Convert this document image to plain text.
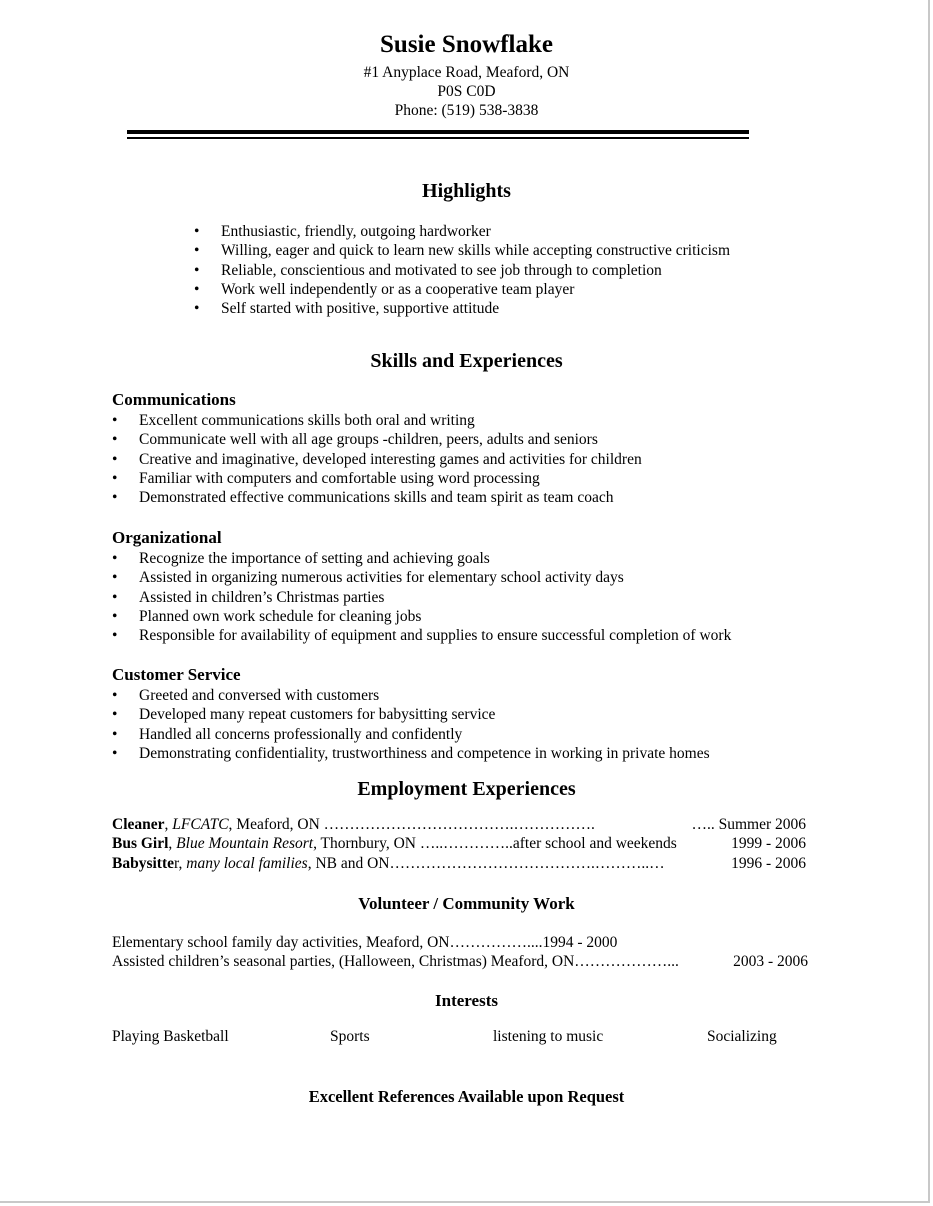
Susie Snowflake
#1 Anyplace Road, Meaford, ON
P0S C0D
Phone: (519) 538-3838
Highlights
• Enthusiastic, friendly, outgoing hardworker
• Willing, eager and quick to learn new skills while accepting constructive criticism
• Reliable, conscientious and motivated to see job through to completion
• Work well independently or as a cooperative team player
• Self started with positive, supportive attitude
Skills and Experiences
Communications
• Excellent communications skills both oral and writing
• Communicate well with all age groups -children, peers, adults and seniors
• Creative and imaginative, developed interesting games and activities for children
• Familiar with computers and comfortable using word processing
• Demonstrated effective communications skills and team spirit as team coach
Organizational
• Recognize the importance of setting and achieving goals
• Assisted in organizing numerous activities for elementary school activity days
• Assisted in children’s Christmas parties
• Planned own work schedule for cleaning jobs
• Responsible for availability of equipment and supplies to ensure successful completion of work
Customer Service
• Greeted and conversed with customers
• Developed many repeat customers for babysitting service
• Handled all concerns professionally and confidently
• Demonstrating confidentiality, trustworthiness and competence in working in private homes
Employment Experiences
Cleaner, LFCATC, Meaford, ON ……………………………….…………….	….. Summer 2006
Bus Girl, Blue Mountain Resort, Thornbury, ON …..…………..after school and weekends	1999 - 2006
Babysitter, many local families, NB and ON………………………………….………..…	1996 - 2006
Volunteer / Community Work
Elementary school family day activities, Meaford, ON……………....1994 - 2000
Assisted children’s seasonal parties, (Halloween, Christmas) Meaford, ON………………...	2003 - 2006
Interests
Playing Basketball	Sports	listening to music	Socializing
Excellent References Available upon Request
